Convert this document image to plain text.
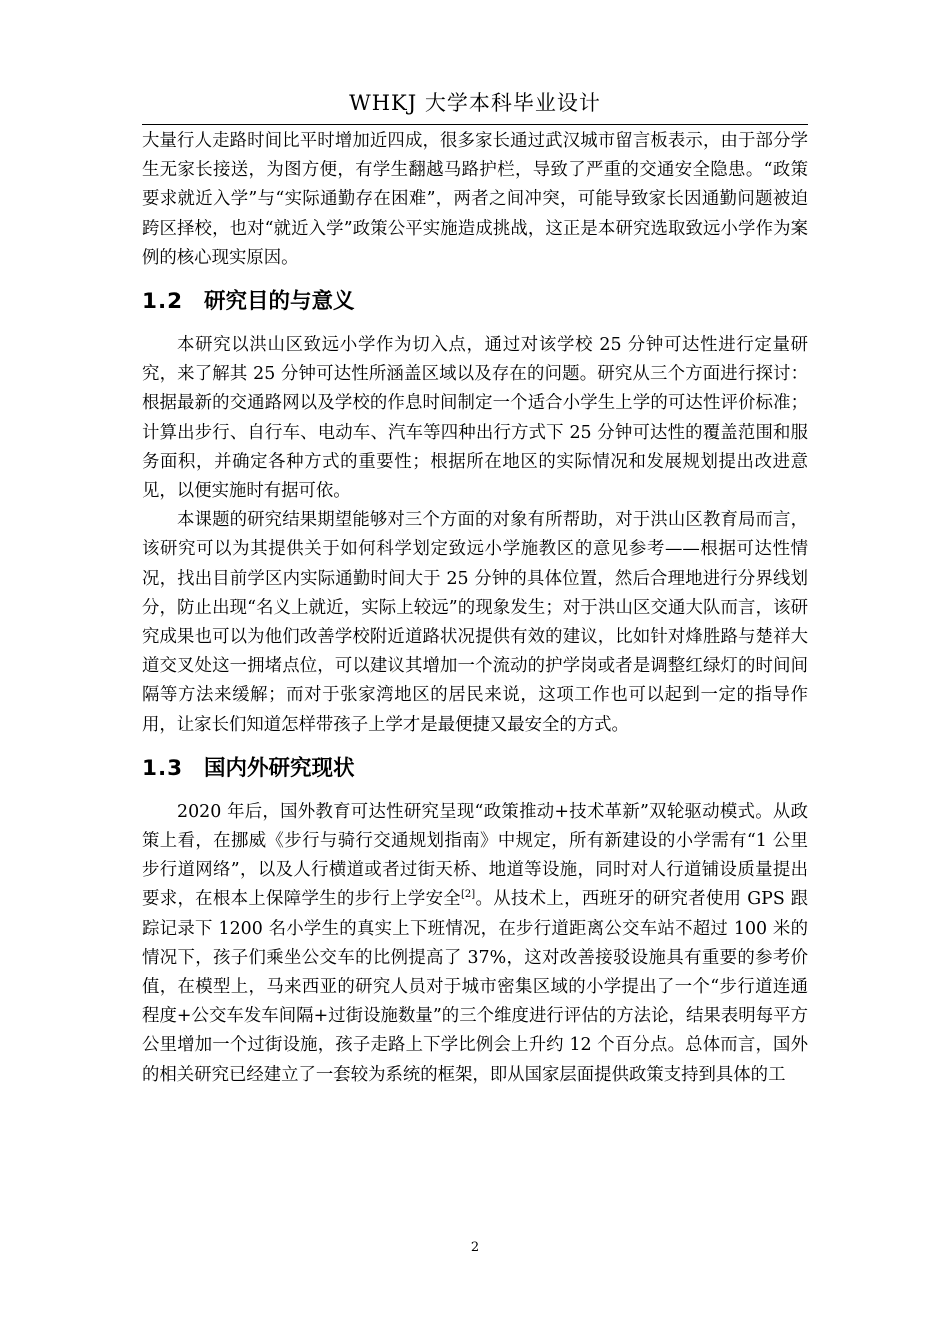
WHKJ 大学本科毕业设计

大量行人走路时间比平时增加近四成，很多家长通过武汉城市留言板表示，由于部分学生无家长接送，为图方便，有学生翻越马路护栏，导致了严重的交通安全隐患。“政策要求就近入学”与“实际通勤存在困难”，两者之间冲突，可能导致家长因通勤问题被迫跨区择校，也对“就近入学”政策公平实施造成挑战，这正是本研究选取致远小学作为案例的核心现实原因。

1.2 研究目的与意义

本研究以洪山区致远小学作为切入点，通过对该学校 25 分钟可达性进行定量研究，来了解其 25 分钟可达性所涵盖区域以及存在的问题。研究从三个方面进行探讨：根据最新的交通路网以及学校的作息时间制定一个适合小学生上学的可达性评价标准；计算出步行、自行车、电动车、汽车等四种出行方式下 25 分钟可达性的覆盖范围和服务面积，并确定各种方式的重要性；根据所在地区的实际情况和发展规划提出改进意见，以便实施时有据可依。

本课题的研究结果期望能够对三个方面的对象有所帮助，对于洪山区教育局而言，该研究可以为其提供关于如何科学划定致远小学施教区的意见参考——根据可达性情况，找出目前学区内实际通勤时间大于 25 分钟的具体位置，然后合理地进行分界线划分，防止出现“名义上就近，实际上较远”的现象发生；对于洪山区交通大队而言，该研究成果也可以为他们改善学校附近道路状况提供有效的建议，比如针对烽胜路与楚祥大道交叉处这一拥堵点位，可以建议其增加一个流动的护学岗或者是调整红绿灯的时间间隔等方法来缓解；而对于张家湾地区的居民来说，这项工作也可以起到一定的指导作用，让家长们知道怎样带孩子上学才是最便捷又最安全的方式。

1.3 国内外研究现状

2020 年后，国外教育可达性研究呈现“政策推动+技术革新”双轮驱动模式。从政策上看，在挪威《步行与骑行交通规划指南》中规定，所有新建设的小学需有“1 公里步行道网络”，以及人行横道或者过街天桥、地道等设施，同时对人行道铺设质量提出要求，在根本上保障学生的步行上学安全[2]。从技术上，西班牙的研究者使用 GPS 跟踪记录下 1200 名小学生的真实上下班情况，在步行道距离公交车站不超过 100 米的情况下，孩子们乘坐公交车的比例提高了 37%，这对改善接驳设施具有重要的参考价值，在模型上，马来西亚的研究人员对于城市密集区域的小学提出了一个“步行道连通程度+公交车发车间隔+过街设施数量”的三个维度进行评估的方法论，结果表明每平方公里增加一个过街设施，孩子走路上下学比例会上升约 12 个百分点。总体而言，国外的相关研究已经建立了一套较为系统的框架，即从国家层面提供政策支持到具体的工

2
